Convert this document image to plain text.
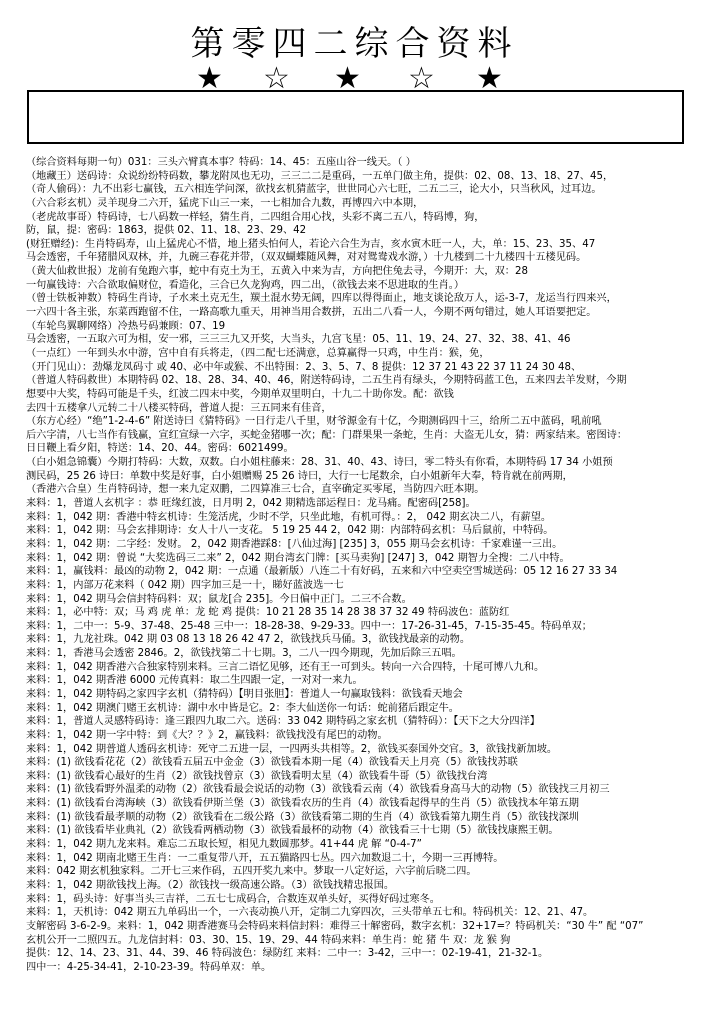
第零四二综合资料
★ ☆ ★ ☆ ★
（综合资料每期一句）031：三头六臂真本事？特码：14、45：五座山谷一线天。（ ）
（地藏王）送码诗：众说纷纷特码数，攀龙附凤也无功，三三二二是重码，一五单门做主角，提供：02、08、13、18、27、45，
（奇人偷码）：九不出彩七赢钱，五六相连学问深，欲找玄机猜蓝字，世世同心六七旺，二五二三，论大小，只当秋风，过耳边。
（六合彩玄机）灵羊现身二六开，猛虎下山三一来，一七相加合九数，再博四六中本期，
（老虎故事哥）特码诗，七八码数一样轻，猜生肖，二四组合用心找，头彩不离二五八，特码博，狗，
防，鼠，提：密码：1863，提供 02、11、18、23、29、42
(财狂赠经)：生肖特码寿，山上猛虎心不惜，地上猪头怕何人，若论六合生为吉，亥水寅木旺一人，大，单：15、23、35、47
马会透密，千年猪腊风双林，并，九碗三春花并带，（双双蝴蝶随风舞，对对鸳鸯戏水游，）十九楼到二十九楼四十五楼见码。
（黄大仙救世报）龙前有兔跑六事，蛇中有克土为王，五黄入中来为吉，方向把住兔去寻，今期开：大，双：28
一句赢钱诗：六合欲取偏财位，看造化，三合已久龙狗鸡，四二出，（欲钱去来不思进取的生肖。）
（曾士铁板神数）特码生肖诗，子水来土克无生，羰土混水势无阔，四库以得得面止，地支谈论敌万人，运-3-7，龙运当行四来兴，
一六四十各主张，东菜西跑留不住，一路高歌九重天，用神当用合数拼，五出二八看一人，今期不两句错过，她人耳语要把定。
（车轮鸟翼聊网络）冷热号码兼顾：07、19
马会透密，一五取六可为相，安一邪，三三三九又开奖，大当头，九宫飞星：05、11、19、24、27、32、38、41、46
（一点红）一年到头水中游，宫中自有兵将走，（四二配七还满意，总算赢得一只鸡，中生肖：猴，免，
（开门见山）：劲爆龙凤码寸 或 40、必中年或猴、不出特围：2、3、5、7、8 提供：12 37 21 43 22 37 11 24 30 48、
（普道人特码救世）本期特码 02、18、28、34、40、46，附送特码诗，二五生肖有绿头，今期特码蓝工色，五来四去羊发财，今期
想要中大奖，特码可能是千头，红波二四末中奖，今期单双里明白，十九二十助你发。配：欲钱
去四十五楼拿八元转二十八楼买特码，普道人提：三五同来有佳音，
（东方心经）“绝”1-2-4-6” 附送诗曰《猜特码》一日行走八千里，财爷源金有十亿，今期测码四十三，给所二五中蓝码，吼前吼
后六字清，八七当作有钱赢，宣红宣绿一六字，买蛇金猪哪一次；配：门群果果一条蛇，生肖：大盗无儿女，猜：两家结来。密图诗：
日日鞭上看夕阳，特送：14、20、44。密码：6021499。
（白小姐急锦囊）今期打特码：大数，双数。白小姐柱藤来：28、31、40、43、诗曰，零二特头有你看，本期特码 17 34 小姐预
测民码，25 26 诗曰：单数中奖是好事，白小姐赠赐 25 26 诗曰，大行一七尾数余，白小姐新年大奉，特肯就在前两期，
（香港六合皇）生肖特码诗，想一来九定双鹏，二四算准三七合，直宰确定买零尾，当防四六旺本期。
来料：1，普道人玄机字 ：恭 旺缘红波，日月明 2，042 期精选部运程日：龙马痛。配密码[258]。
来料：1，042 期：香港中特玄机诗：生笼活虎，少时不学，只坐此地，有机可得。：2， 042 期玄决二八，有薪望。
来料：1，042 期：马会玄排期诗：女人十八一支花。 5 19 25 44 2，042 期：内部特码玄机：马后鼠前，中特码。
来料：1，042 期：二字经：发财。 2，042 期香港踩8：[八仙过海] [235] 3，055 期马会玄机诗：千家难谨一三出。
来料：1，042 期：曾说 “大奖选码三二来” 2，042 期台湾玄门牌：[买马卖狗] [247] 3，042 期智力全搜：二八中特。
来料：1，赢钱料：最凶的动物 2，042 期：一点通（最新版）八连二十有好码，五来和六中空卖空雪城送码：05 12 16 27 33 34
来料：1，内部万花来料（ 042 期）四字加三是一十，睇好蓝波选一七
来料：1，042 期马会信封特码料：双；鼠龙[合 235]。今日偏中正门。二三不合数。
来料：1，必中特：双；马 鸡 虎 单：龙 蛇 鸡 提供：10 21 28 35 14 28 38 37 32 49 特码波色：蓝防红
来料：1，二中一：5-9、37-48、25-48 三中一：18-28-38、9-29-33。四中一：17-26-31-45，7-15-35-45。特码单双；
来料：1，九龙社珠。042 期 03 08 13 18 26 42 47 2，欲钱找兵马俑。3，欲钱找最亲的动物。
来料：1，香港马会透密 2846。2，欲钱找第二十七期。3，二八一四今期现，先加后除三五唱。
来料：1，042 期香港六合独家特别来料。三言二语忆见够，还有王一可到头。转向一六合四特，十尾可博八九和。
来料：1，042 期香港 6000 元传真料：取二生四跟一定，一对对一来九。
来料：1，042 期特码之家四字玄机（猜特码）【明目张胆】：普道人一句赢取钱料：欲钱看天地会
来料：1，042 期澳门赌王玄机诗：湖中水中皆是它。2：李大仙送你一句话：蛇前猪后跟定牛。
来料：1，普道人灵感特码诗：逢三跟四九取二六。送码：33 042 期特码之家玄机（猜特码）：【天下之大分四洋】
来料：1，042 期一字中特：到《大？？》2，赢钱料：欲钱找没有尾巴的动物。
来料：1，042 期普道人透码玄机诗：死守二五进一层，一四两头共相等。2，欲钱买泰国外交官。3，欲钱找新加坡。
来料：(1) 欲钱看花花（2）欲钱看五届五中金金（3）欲钱看本期一尾（4）欲钱看天上月亮（5）欲钱找苏联
来料：(1) 欲钱看心最好的生肖（2）欲钱找曾京（3）欲钱看明太星（4）欲钱看牛哥（5）欲钱找台湾
来料：(1) 欲钱看野外温柔的动物（2）欲钱看最会说话的动物（3）欲钱看云南（4）欲钱看身高马大的动物（5）欲钱找三月初三
来料：(1) 欲钱看台湾海峡（3）欲钱看伊斯兰堡（3）欲钱看农历的生肖（4）欲钱看起得早的生肖（5）欲钱找本年第五期
来料：(1) 欲钱看最孝顺的动物（2）欲钱看在二级公路（3）欲钱看第二期的生肖（4）欲钱看第九期生肖（5）欲钱找深圳
来料：(1) 欲钱看毕业典礼（2）欲钱看两栖动物（3）欲钱看最杯的动物（4）欲钱看三十七期（5）欲钱找康熙王朝。
来料：1，042 期九龙来料。难忘二五取长短，相见九数圆那梦。41+44 虎 解 “0-4-7”
来料：1，042 期南北赌王生肖：一二重复带八开，五五猫路四七丛。四六加数退二十，今期一三再博特。
来料：042 期玄机独家料。二开七三来作码，五四开奖九来中。梦取一八定好运，六字前后晓二四。
来料：1，042 期欲钱找上海。（2）欲钱找一级高速公路。（3）欲钱找精忠报国。
来料：1，码头诗：好事当头三吉祥，二五七七成码合，合数连双单头好，买得好码过寒冬。
来料：1，天机诗：042 期五九单码出一个，一六丧动换八开，定制二九穿四次，三头带单五七和。特码机关：12、21、47。
支解密码 3-6-2-9。来料：1，042 期香港赛马会特码来料信封料：难得三十解密码，数字玄机：32+17=？特码机关：“30 牛” 配 “07”
玄机公开一二照四五。九龙信封料：03、30、15、19、29、44 特码来料：单生肖：蛇 猪 牛 双：龙 猴 狗
提供：12、14、23、31、44、39、46 特码波色：绿防红 来料：二中一：3-42，三中一：02-19-41，21-32-1。
四中一：4-25-34-41，2-10-23-39。特码单双：单。
